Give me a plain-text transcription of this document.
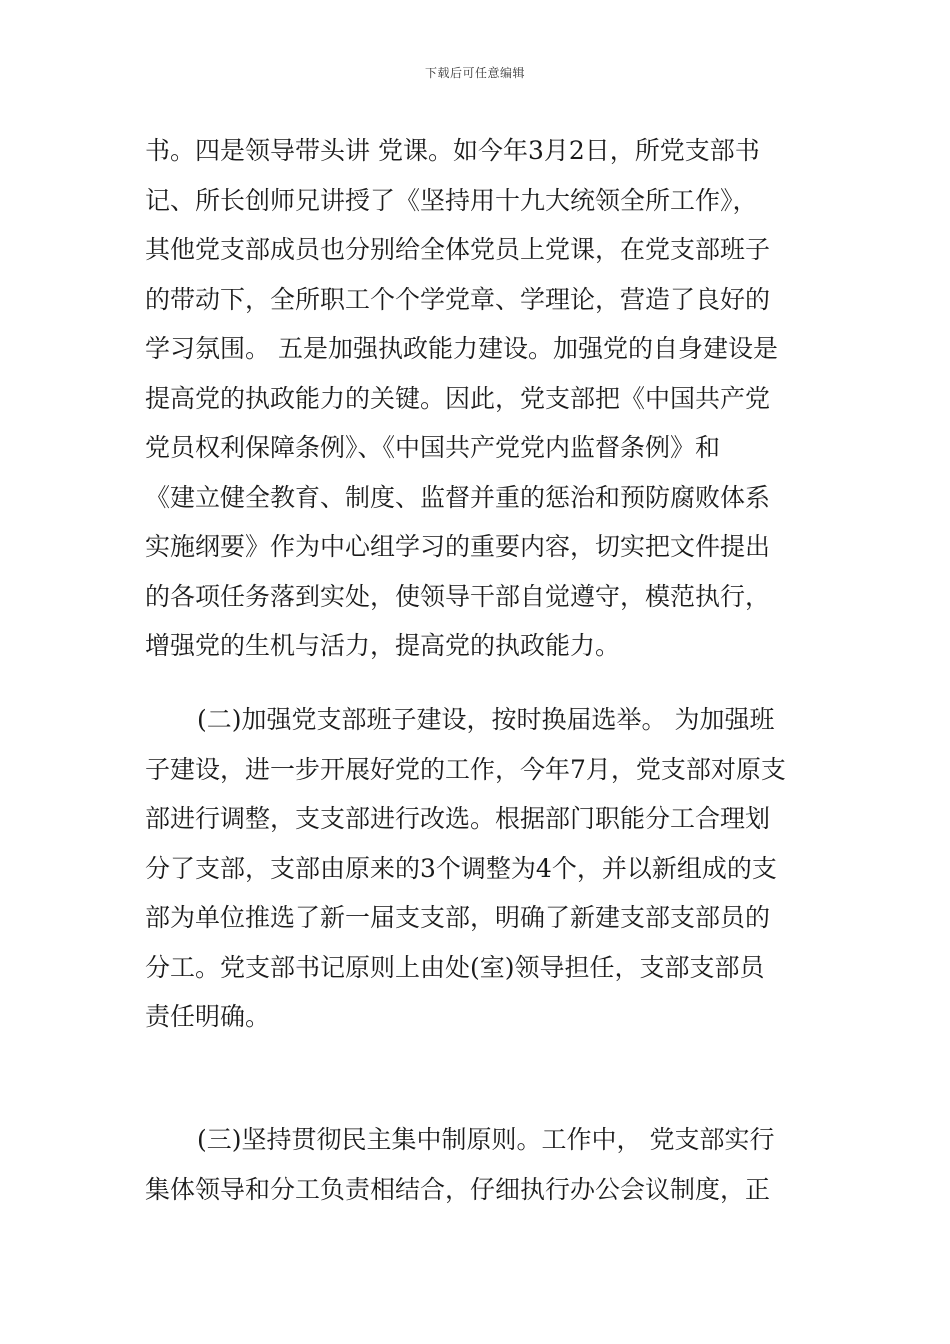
下载后可任意编辑
书。四是领导带头讲 党课。如今年3月2日，所党支部书
记、所长创师兄讲授了《坚持用十九大统领全所工作》，
其他党支部成员也分别给全体党员上党课，在党支部班子
的带动下，全所职工个个学党章、学理论，营造了良好的
学习氛围。 五是加强执政能力建设。加强党的自身建设是
提高党的执政能力的关键。因此，党支部把《中国共产党
党员权利保障条例》、《中国共产党党内监督条例》和
《建立健全教育、制度、监督并重的惩治和预防腐败体系
实施纲要》作为中心组学习的重要内容，切实把文件提出
的各项任务落到实处，使领导干部自觉遵守，模范执行，
增强党的生机与活力，提高党的执政能力。
(二)加强党支部班子建设，按时换届选举。 为加强班
子建设，进一步开展好党的工作，今年7月，党支部对原支
部进行调整，支支部进行改选。根据部门职能分工合理划
分了支部，支部由原来的3个调整为4个，并以新组成的支
部为单位推选了新一届支支部，明确了新建支部支部员的
分工。党支部书记原则上由处(室)领导担任，支部支部员
责任明确。
(三)坚持贯彻民主集中制原则。工作中， 党支部实行
集体领导和分工负责相结合，仔细执行办公会议制度，正
